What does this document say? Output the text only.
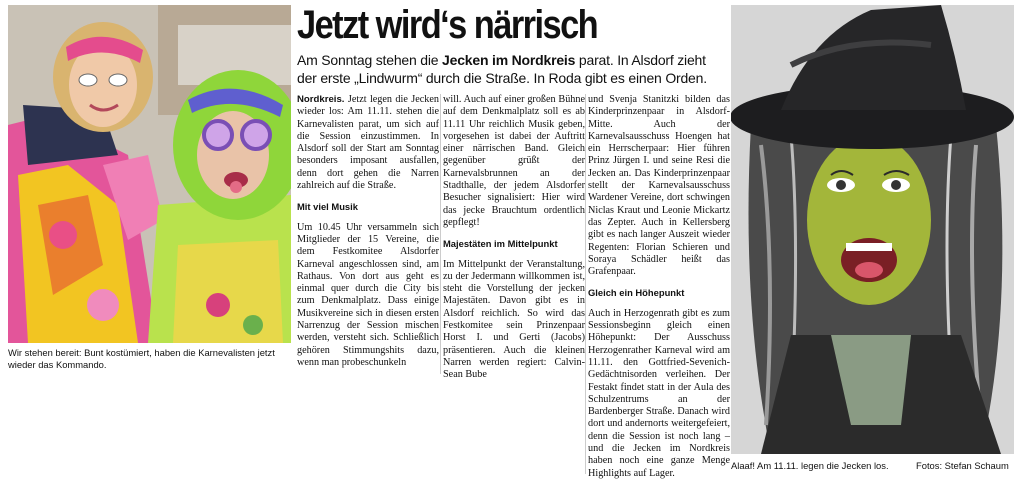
Wir stehen bereit: Bunt kostümiert, haben die Karnevalisten jetzt wieder das Kommando.
Jetzt wird‘s närrisch
Am Sonntag stehen die Jecken im Nordkreis parat. In Alsdorf zieht der erste „Lindwurm“ durch die Straße. In Roda gibt es einen Orden.

Nordkreis. Jetzt legen die Jecken wieder los: Am 11.11. stehen die Karnevalisten parat, um sich auf die Session einzustimmen. In Alsdorf soll der Start am Sonntag besonders imposant ausfallen, denn dort gehen die Narren zahlreich auf die Straße.

Mit viel Musik

Um 10.45 Uhr versammeln sich Mitglieder der 15 Vereine, die dem Festkomitee Alsdorfer Karneval angeschlossen sind, am Rathaus. Von dort aus geht es einmal quer durch die City bis zum Denkmalplatz. Dass einige Musikvereine sich in diesen ersten Narrenzug der Session mischen werden, versteht sich. Schließlich gehören Stimmungshits dazu, wenn man probeschunkeln

will. Auch auf einer großen Bühne auf dem Denkmalplatz soll es ab 11.11 Uhr reichlich Musik geben, vorgesehen ist dabei der Auftritt einer närrischen Band. Gleich gegenüber grüßt der Karnevalsbrunnen an der Stadthalle, der jedem Alsdorfer Besucher signalisiert: Hier wird das jecke Brauchtum ordentlich gepflegt!

Majestäten im Mittelpunkt

Im Mittelpunkt der Veranstaltung, zu der Jedermann willkommen ist, steht die Vorstellung der jecken Majestäten. Davon gibt es in Alsdorf reichlich. So wird das Festkomitee sein Prinzenpaar Horst I. und Gerti (Jacobs) präsentieren. Auch die kleinen Narren werden regiert: Calvin-Sean Bube

und Svenja Stanitzki bilden das Kinderprinzenpaar in Alsdorf-Mitte. Auch der Karnevalsausschuss Hoengen hat ein Herrscherpaar: Hier führen Prinz Jürgen I. und seine Resi die Jecken an. Das Kinderprinzenpaar stellt der Karnevalsausschuss Wardener Vereine, dort schwingen Niclas Kraut und Leonie Mickartz das Zepter. Auch in Kellersberg gibt es nach langer Auszeit wieder Regenten: Florian Schieren und Soraya Schädler heißt das Grafenpaar.

Gleich ein Höhepunkt

Auch in Herzogenrath gibt es zum Sessionsbeginn gleich einen Höhepunkt: Der Ausschuss Herzogenrather Karneval wird am 11.11. den Gottfried-Sevenich-Gedächtnisorden verleihen. Der Festakt findet statt in der Aula des Schulzentrums an der Bardenberger Straße. Danach wird dort und andernorts weitergefeiert, denn die Session ist noch lang – und die Jecken im Nordkreis haben noch eine ganze Menge Highlights auf Lager.

Alaaf! Am 11.11. legen die Jecken los.	Fotos: Stefan Schaum
